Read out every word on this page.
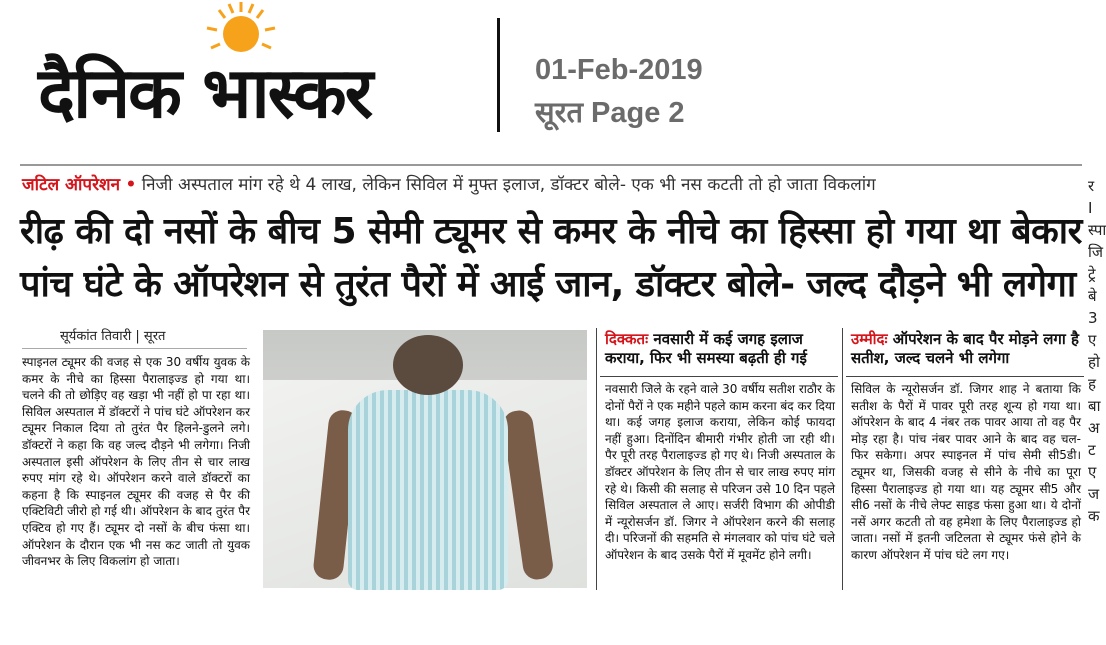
दैनिक भास्कर	01-Feb-2019
सूरत Page 2
जटिल ऑपरेशन • निजी अस्पताल मांग रहे थे 4 लाख, लेकिन सिविल में मुफ्त इलाज, डॉक्टर बोले- एक भी नस कटती तो हो जाता विकलांग
रीढ़ की दो नसों के बीच 5 सेमी ट्यूमर से कमर के नीचे का हिस्सा हो गया था बेकार
पांच घंटे के ऑपरेशन से तुरंत पैरों में आई जान, डॉक्टर बोले- जल्द दौड़ने भी लगेगा
र
I
स्पा
जि
ट्रे
बे
3
ए
हो
ह
बा
अ
ट
ए
ज
क
सूर्यकांत तिवारी | सूरत
स्पाइनल ट्यूमर की वजह से एक 30 वर्षीय युवक के कमर के नीचे का हिस्सा पैरालाइज्ड हो गया था। चलने की तो छोड़िए वह खड़ा भी नहीं हो पा रहा था। सिविल अस्पताल में डॉक्टरों ने पांच घंटे ऑपरेशन कर ट्यूमर निकाल दिया तो तुरंत पैर हिलने-डुलने लगे। डॉक्टरों ने कहा कि वह जल्द दौड़ने भी लगेगा। निजी अस्पताल इसी ऑपरेशन के लिए तीन से चार लाख रुपए मांग रहे थे। ऑपरेशन करने वाले डॉक्टरों का कहना है कि स्पाइनल ट्यूमर की वजह से पैर की एक्टिविटी जीरो हो गई थी। ऑपरेशन के बाद तुरंत पैर एक्टिव हो गए हैं। ट्यूमर दो नसों के बीच फंसा था। ऑपरेशन के दौरान एक भी नस कट जाती तो युवक जीवनभर के लिए विकलांग हो जाता।
दिक्कतः नवसारी में कई जगह इलाज कराया, फिर भी समस्या बढ़ती ही गई
नवसारी जिले के रहने वाले 30 वर्षीय सतीश राठौर के दोनों पैरों ने एक महीने पहले काम करना बंद कर दिया था। कई जगह इलाज कराया, लेकिन कोई फायदा नहीं हुआ। दिनोंदिन बीमारी गंभीर होती जा रही थी। पैर पूरी तरह पैरालाइज्ड हो गए थे। निजी अस्पताल के डॉक्टर ऑपरेशन के लिए तीन से चार लाख रुपए मांग रहे थे। किसी की सलाह से परिजन उसे 10 दिन पहले सिविल अस्पताल ले आए। सर्जरी विभाग की ओपीडी में न्यूरोसर्जन डॉ. जिगर ने ऑपरेशन करने की सलाह दी। परिजनों की सहमति से मंगलवार को पांच घंटे चले ऑपरेशन के बाद उसके पैरों में मूवमेंट होने लगी।
उम्मीदः ऑपरेशन के बाद पैर मोड़ने लगा है सतीश, जल्द चलने भी लगेगा
सिविल के न्यूरोसर्जन डॉ. जिगर शाह ने बताया कि सतीश के पैरों में पावर पूरी तरह शून्य हो गया था। ऑपरेशन के बाद 4 नंबर तक पावर आया तो वह पैर मोड़ रहा है। पांच नंबर पावर आने के बाद वह चल-फिर सकेगा। अपर स्पाइनल में पांच सेमी सी5डी। ट्यूमर था, जिसकी वजह से सीने के नीचे का पूरा हिस्सा पैरालाइज्ड हो गया था। यह ट्यूमर सी5 और सी6 नसों के नीचे लेफ्ट साइड फंसा हुआ था। ये दोनों नसें अगर कटती तो वह हमेशा के लिए पैरालाइज्ड हो जाता। नसों में इतनी जटिलता से ट्यूमर फंसे होने के कारण ऑपरेशन में पांच घंटे लग गए।
